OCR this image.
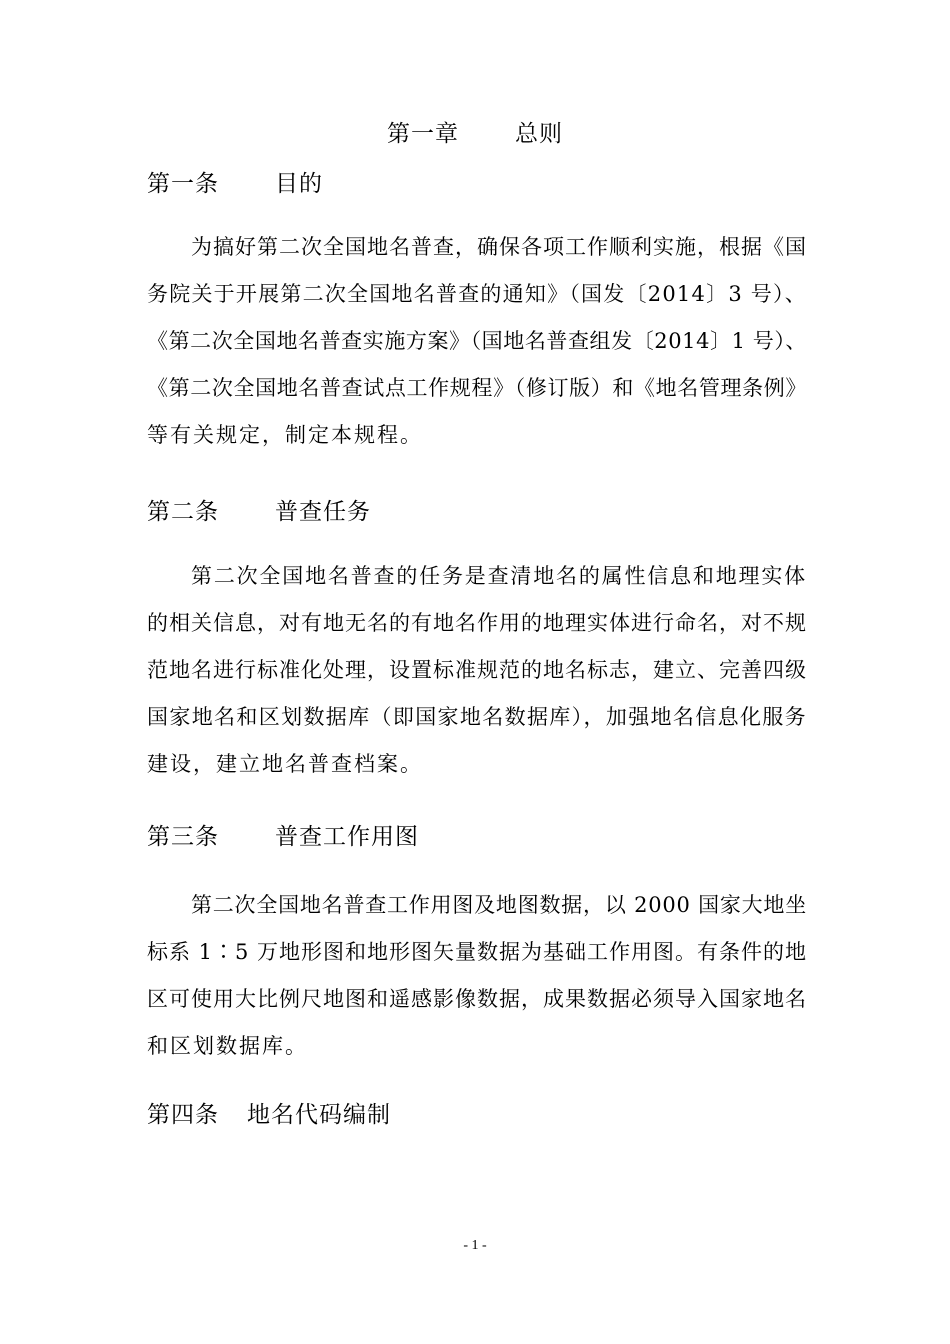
第一章 总则
第一条 目的
为搞好第二次全国地名普查，确保各项工作顺利实施，根据《国
务院关于开展第二次全国地名普查的通知》（国发〔2014〕3 号）、
《第二次全国地名普查实施方案》（国地名普查组发〔2014〕1 号）、
《第二次全国地名普查试点工作规程》（修订版）和《地名管理条例》
等有关规定，制定本规程。
第二条 普查任务
第二次全国地名普查的任务是查清地名的属性信息和地理实体
的相关信息，对有地无名的有地名作用的地理实体进行命名，对不规
范地名进行标准化处理，设置标准规范的地名标志，建立、完善四级
国家地名和区划数据库（即国家地名数据库），加强地名信息化服务
建设，建立地名普查档案。
第三条 普查工作用图
第二次全国地名普查工作用图及地图数据，以 2000 国家大地坐
标系 1∶5 万地形图和地形图矢量数据为基础工作用图。有条件的地
区可使用大比例尺地图和遥感影像数据，成果数据必须导入国家地名
和区划数据库。
第四条 地名代码编制
- 1 -
